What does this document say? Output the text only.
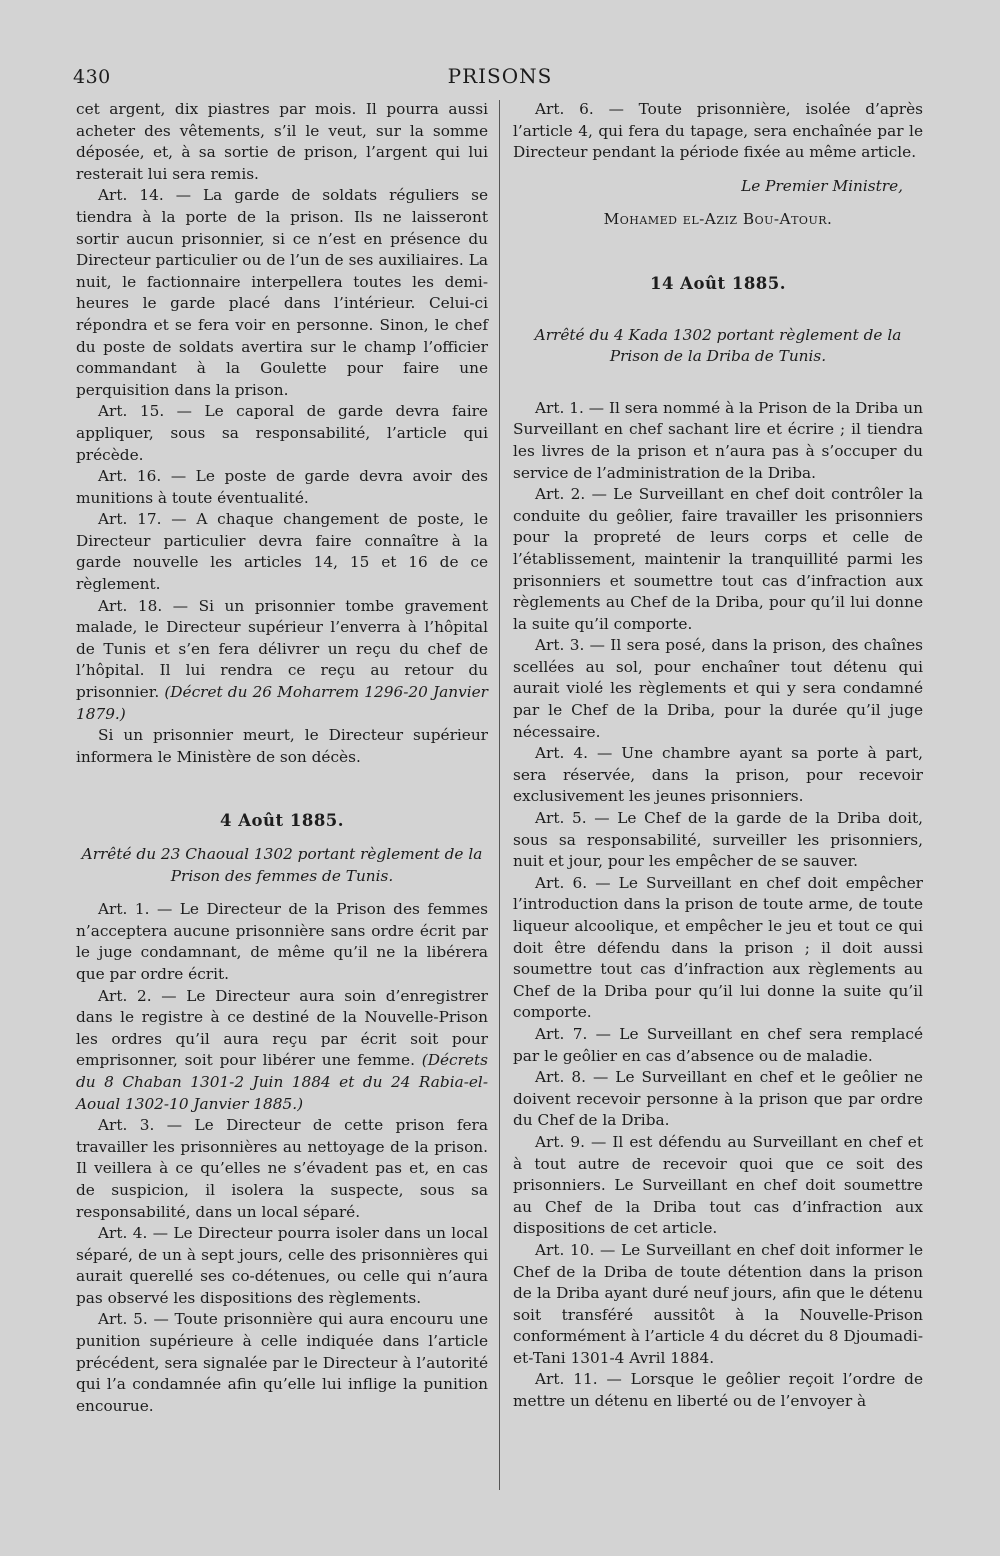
430	PRISONS

cet argent, dix piastres par mois. Il pourra aussi acheter des vêtements, s’il le veut, sur la somme déposée, et, à sa sortie de prison, l’argent qui lui resterait lui sera remis.

Art. 14. — La garde de soldats réguliers se tiendra à la porte de la prison. Ils ne laisseront sortir aucun prisonnier, si ce n’est en présence du Directeur particulier ou de l’un de ses auxiliaires. La nuit, le factionnaire interpellera toutes les demi-heures le garde placé dans l’intérieur. Celui-ci répondra et se fera voir en personne. Sinon, le chef du poste de soldats avertira sur le champ l’officier commandant à la Goulette pour faire une perquisition dans la prison.

Art. 15. — Le caporal de garde devra faire appliquer, sous sa responsabilité, l’article qui précède.

Art. 16. — Le poste de garde devra avoir des munitions à toute éventualité.

Art. 17. — A chaque changement de poste, le Directeur particulier devra faire connaître à la garde nouvelle les articles 14, 15 et 16 de ce règlement.

Art. 18. — Si un prisonnier tombe gravement malade, le Directeur supérieur l’enverra à l’hôpital de Tunis et s’en fera délivrer un reçu du chef de l’hôpital. Il lui rendra ce reçu au retour du prisonnier. (Décret du 26 Moharrem 1296-20 Janvier 1879.)

Si un prisonnier meurt, le Directeur supérieur informera le Ministère de son décès.

4 Août 1885.

Arrêté du 23 Chaoual 1302 portant règlement de la Prison des femmes de Tunis.

Art. 1. — Le Directeur de la Prison des femmes n’acceptera aucune prisonnière sans ordre écrit par le juge condamnant, de même qu’il ne la libérera que par ordre écrit.

Art. 2. — Le Directeur aura soin d’enregistrer dans le registre à ce destiné de la Nouvelle-Prison les ordres qu’il aura reçu par écrit soit pour emprisonner, soit pour libérer une femme. (Décrets du 8 Chaban 1301-2 Juin 1884 et du 24 Rabia-el-Aoual 1302-10 Janvier 1885.)

Art. 3. — Le Directeur de cette prison fera travailler les prisonnières au nettoyage de la prison. Il veillera à ce qu’elles ne s’évadent pas et, en cas de suspicion, il isolera la suspecte, sous sa responsabilité, dans un local séparé.

Art. 4. — Le Directeur pourra isoler dans un local séparé, de un à sept jours, celle des prisonnières qui aurait querellé ses co-détenues, ou celle qui n’aura pas observé les dispositions des règlements.

Art. 5. — Toute prisonnière qui aura encouru une punition supérieure à celle indiquée dans l’article précédent, sera signalée par le Directeur à l’autorité qui l’a condamnée afin qu’elle lui inflige la punition encourue.

Art. 6. — Toute prisonnière, isolée d’après l’article 4, qui fera du tapage, sera enchaînée par le Directeur pendant la période fixée au même article.

Le Premier Ministre,

Mohamed el-Aziz Bou-Atour.

14 Août 1885.

Arrêté du 4 Kada 1302 portant règlement de la Prison de la Driba de Tunis.

Art. 1. — Il sera nommé à la Prison de la Driba un Surveillant en chef sachant lire et écrire ; il tiendra les livres de la prison et n’aura pas à s’occuper du service de l’administration de la Driba.

Art. 2. — Le Surveillant en chef doit contrôler la conduite du geôlier, faire travailler les prisonniers pour la propreté de leurs corps et celle de l’établissement, maintenir la tranquillité parmi les prisonniers et soumettre tout cas d’infraction aux règlements au Chef de la Driba, pour qu’il lui donne la suite qu’il comporte.

Art. 3. — Il sera posé, dans la prison, des chaînes scellées au sol, pour enchaîner tout détenu qui aurait violé les règlements et qui y sera condamné par le Chef de la Driba, pour la durée qu’il juge nécessaire.

Art. 4. — Une chambre ayant sa porte à part, sera réservée, dans la prison, pour recevoir exclusivement les jeunes prisonniers.

Art. 5. — Le Chef de la garde de la Driba doit, sous sa responsabilité, surveiller les prisonniers, nuit et jour, pour les empêcher de se sauver.

Art. 6. — Le Surveillant en chef doit empêcher l’introduction dans la prison de toute arme, de toute liqueur alcoolique, et empêcher le jeu et tout ce qui doit être défendu dans la prison ; il doit aussi soumettre tout cas d’infraction aux règlements au Chef de la Driba pour qu’il lui donne la suite qu’il comporte.

Art. 7. — Le Surveillant en chef sera remplacé par le geôlier en cas d’absence ou de maladie.

Art. 8. — Le Surveillant en chef et le geôlier ne doivent recevoir personne à la prison que par ordre du Chef de la Driba.

Art. 9. — Il est défendu au Surveillant en chef et à tout autre de recevoir quoi que ce soit des prisonniers. Le Surveillant en chef doit soumettre au Chef de la Driba tout cas d’infraction aux dispositions de cet article.

Art. 10. — Le Surveillant en chef doit informer le Chef de la Driba de toute détention dans la prison de la Driba ayant duré neuf jours, afin que le détenu soit transféré aussitôt à la Nouvelle-Prison conformément à l’article 4 du décret du 8 Djoumadi-et-Tani 1301-4 Avril 1884.

Art. 11. — Lorsque le geôlier reçoit l’ordre de mettre un détenu en liberté ou de l’envoyer à
